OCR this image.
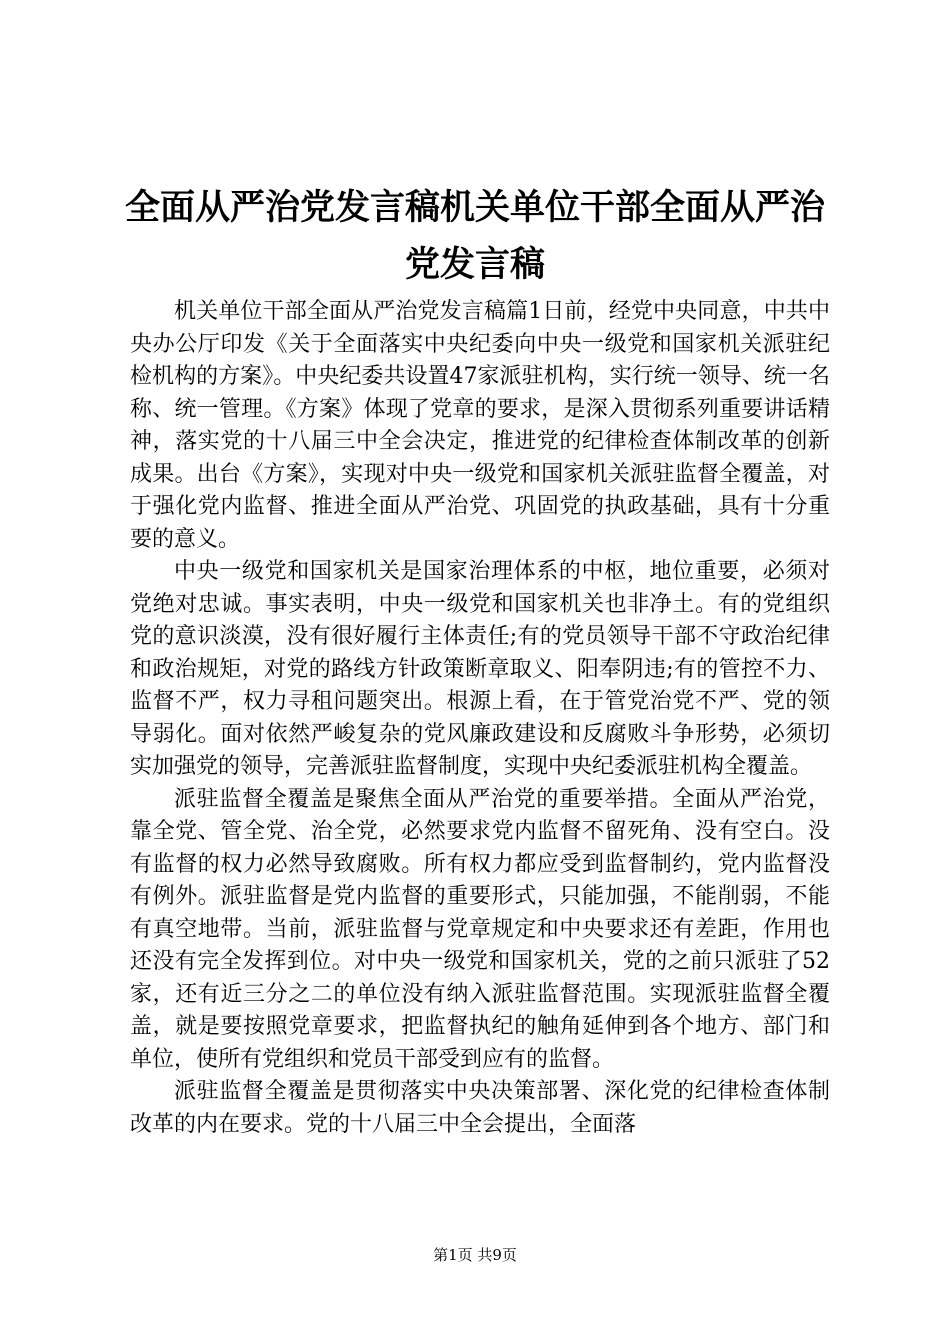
全面从严治党发言稿机关单位干部全面从严治
党发言稿

机关单位干部全面从严治党发言稿篇1日前，经党中央同意，中共中央办公厅印发《关于全面落实中央纪委向中央一级党和国家机关派驻纪检机构的方案》。中央纪委共设置47家派驻机构，实行统一领导、统一名称、统一管理。《方案》体现了党章的要求，是深入贯彻系列重要讲话精神，落实党的十八届三中全会决定，推进党的纪律检查体制改革的创新成果。出台《方案》，实现对中央一级党和国家机关派驻监督全覆盖，对于强化党内监督、推进全面从严治党、巩固党的执政基础，具有十分重要的意义。

中央一级党和国家机关是国家治理体系的中枢，地位重要，必须对党绝对忠诚。事实表明，中央一级党和国家机关也非净土。有的党组织党的意识淡漠，没有很好履行主体责任;有的党员领导干部不守政治纪律和政治规矩，对党的路线方针政策断章取义、阳奉阴违;有的管控不力、监督不严，权力寻租问题突出。根源上看，在于管党治党不严、党的领导弱化。面对依然严峻复杂的党风廉政建设和反腐败斗争形势，必须切实加强党的领导，完善派驻监督制度，实现中央纪委派驻机构全覆盖。

派驻监督全覆盖是聚焦全面从严治党的重要举措。全面从严治党，靠全党、管全党、治全党，必然要求党内监督不留死角、没有空白。没有监督的权力必然导致腐败。所有权力都应受到监督制约，党内监督没有例外。派驻监督是党内监督的重要形式，只能加强，不能削弱，不能有真空地带。当前，派驻监督与党章规定和中央要求还有差距，作用也还没有完全发挥到位。对中央一级党和国家机关，党的之前只派驻了52家，还有近三分之二的单位没有纳入派驻监督范围。实现派驻监督全覆盖，就是要按照党章要求，把监督执纪的触角延伸到各个地方、部门和单位，使所有党组织和党员干部受到应有的监督。

派驻监督全覆盖是贯彻落实中央决策部署、深化党的纪律检查体制改革的内在要求。党的十八届三中全会提出，全面落

第1页 共9页
